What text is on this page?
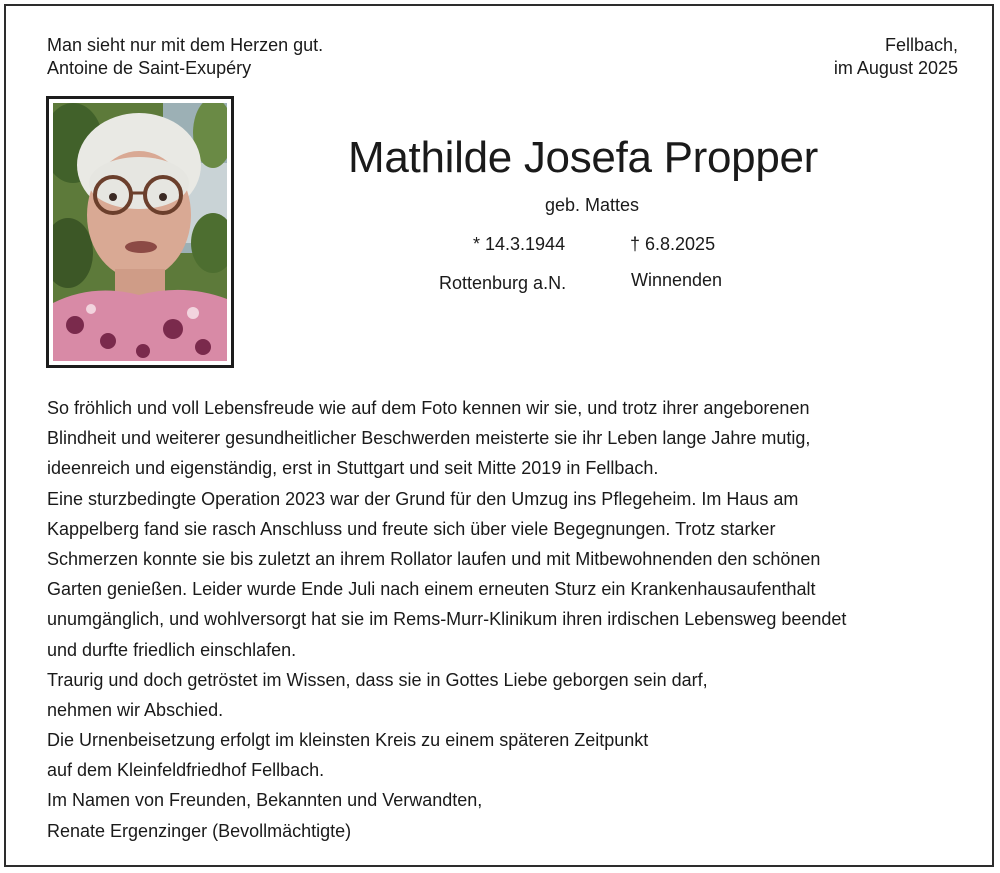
Man sieht nur mit dem Herzen gut.
Antoine de Saint-Exupéry
Fellbach,
im August 2025
Mathilde Josefa Propper
geb. Mattes
* 14.3.1944	† 6.8.2025
Rottenburg a.N.	Winnenden
So fröhlich und voll Lebensfreude wie auf dem Foto kennen wir sie, und trotz ihrer angeborenen
Blindheit und weiterer gesundheitlicher Beschwerden meisterte sie ihr Leben lange Jahre mutig,
ideenreich und eigenständig, erst in Stuttgart und seit Mitte 2019 in Fellbach.
Eine sturzbedingte Operation 2023 war der Grund für den Umzug ins Pflegeheim. Im Haus am
Kappelberg fand sie rasch Anschluss und freute sich über viele Begegnungen. Trotz starker
Schmerzen konnte sie bis zuletzt an ihrem Rollator laufen und mit Mitbewohnenden den schönen
Garten genießen. Leider wurde Ende Juli nach einem erneuten Sturz ein Krankenhausaufenthalt
unumgänglich, und wohlversorgt hat sie im Rems-Murr-Klinikum ihren irdischen Lebensweg beendet
und durfte friedlich einschlafen.
Traurig und doch getröstet im Wissen, dass sie in Gottes Liebe geborgen sein darf,
nehmen wir Abschied.
Die Urnenbeisetzung erfolgt im kleinsten Kreis zu einem späteren Zeitpunkt
auf dem Kleinfeldfriedhof Fellbach.
Im Namen von Freunden, Bekannten und Verwandten,
Renate Ergenzinger (Bevollmächtigte)
